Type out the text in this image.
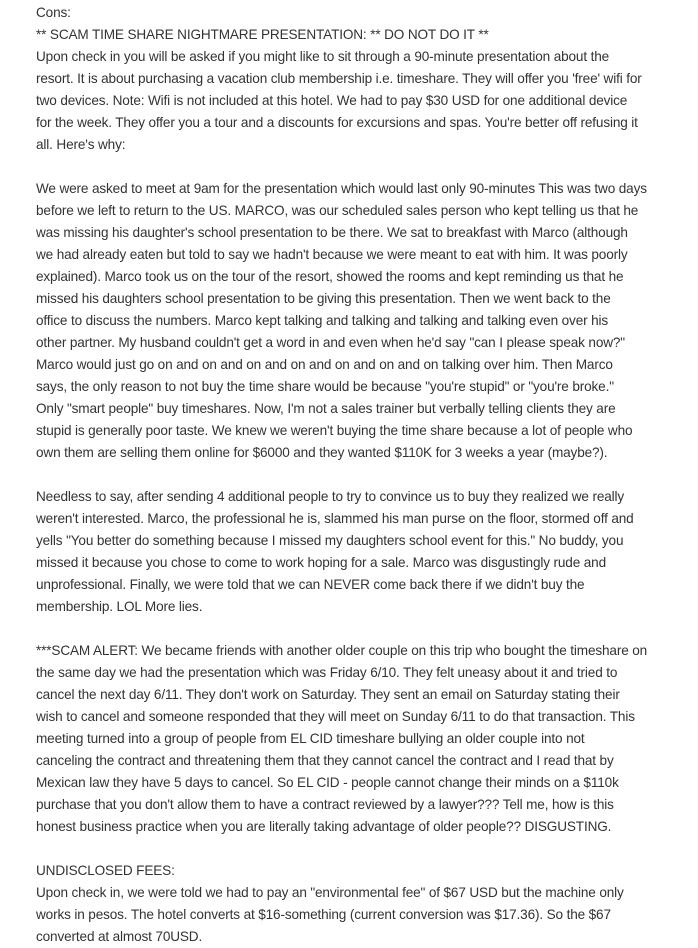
Cons:
** SCAM TIME SHARE NIGHTMARE PRESENTATION: ** DO NOT DO IT **
Upon check in you will be asked if you might like to sit through a 90-minute presentation about the
resort. It is about purchasing a vacation club membership i.e. timeshare. They will offer you 'free' wifi for
two devices. Note: Wifi is not included at this hotel. We had to pay $30 USD for one additional device
for the week. They offer you a tour and a discounts for excursions and spas. You're better off refusing it
all. Here's why:
We were asked to meet at 9am for the presentation which would last only 90-minutes This was two days
before we left to return to the US. MARCO, was our scheduled sales person who kept telling us that he
was missing his daughter's school presentation to be there. We sat to breakfast with Marco (although
we had already eaten but told to say we hadn't because we were meant to eat with him. It was poorly
explained). Marco took us on the tour of the resort, showed the rooms and kept reminding us that he
missed his daughters school presentation to be giving this presentation. Then we went back to the
office to discuss the numbers. Marco kept talking and talking and talking and talking even over his
other partner. My husband couldn't get a word in and even when he'd say "can I please speak now?"
Marco would just go on and on and on and on and on and on and on talking over him. Then Marco
says, the only reason to not buy the time share would be because "you're stupid" or "you're broke."
Only "smart people" buy timeshares. Now, I'm not a sales trainer but verbally telling clients they are
stupid is generally poor taste. We knew we weren't buying the time share because a lot of people who
own them are selling them online for $6000 and they wanted $110K for 3 weeks a year (maybe?).
Needless to say, after sending 4 additional people to try to convince us to buy they realized we really
weren't interested. Marco, the professional he is, slammed his man purse on the floor, stormed off and
yells "You better do something because I missed my daughters school event for this." No buddy, you
missed it because you chose to come to work hoping for a sale. Marco was disgustingly rude and
unprofessional. Finally, we were told that we can NEVER come back there if we didn't buy the
membership. LOL More lies.
***SCAM ALERT: We became friends with another older couple on this trip who bought the timeshare on
the same day we had the presentation which was Friday 6/10. They felt uneasy about it and tried to
cancel the next day 6/11. They don't work on Saturday. They sent an email on Saturday stating their
wish to cancel and someone responded that they will meet on Sunday 6/11 to do that transaction. This
meeting turned into a group of people from EL CID timeshare bullying an older couple into not
canceling the contract and threatening them that they cannot cancel the contract and I read that by
Mexican law they have 5 days to cancel. So EL CID - people cannot change their minds on a $110k
purchase that you don't allow them to have a contract reviewed by a lawyer??? Tell me, how is this
honest business practice when you are literally taking advantage of older people?? DISGUSTING.
UNDISCLOSED FEES:
Upon check in, we were told we had to pay an "environmental fee" of $67 USD but the machine only
works in pesos. The hotel converts at $16-something (current conversion was $17.36). So the $67
converted at almost 70USD.
